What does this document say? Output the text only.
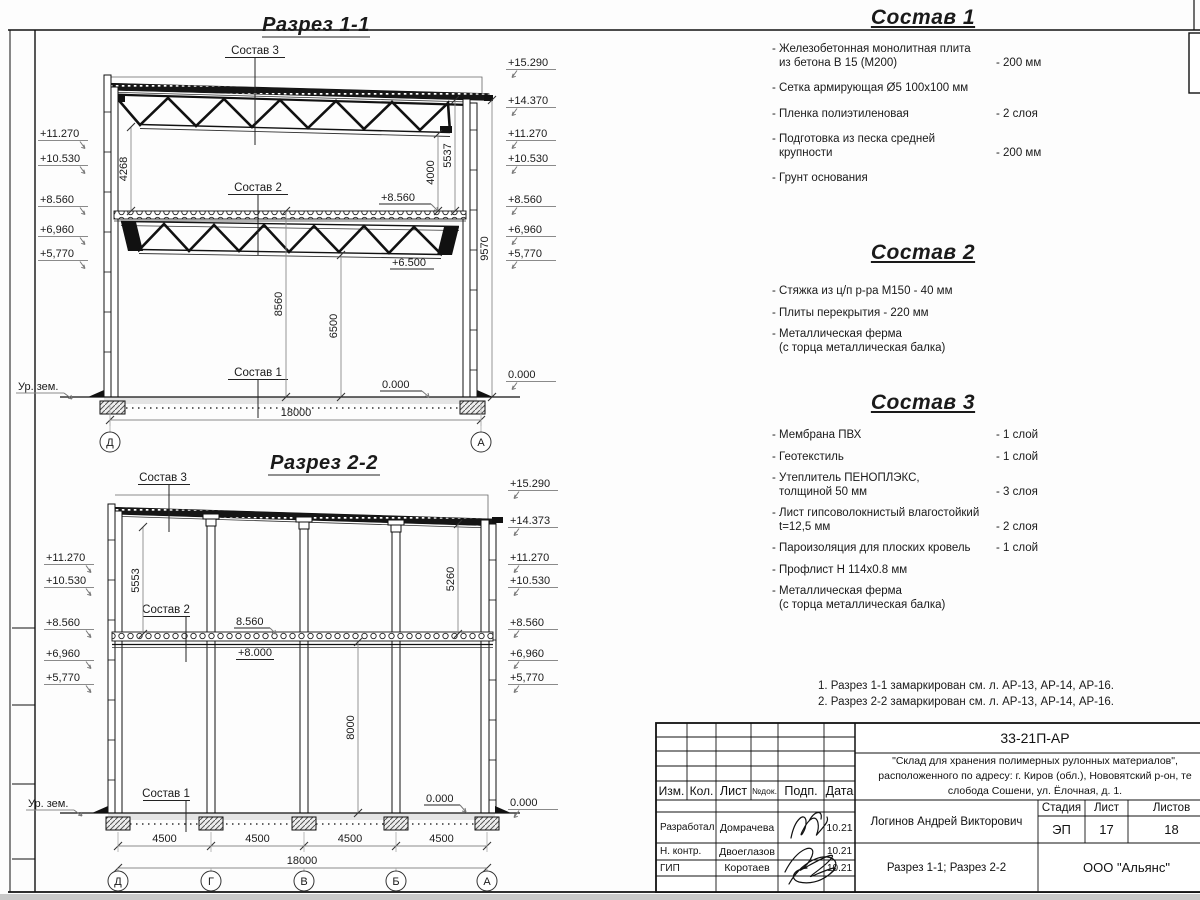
Разрез 1-1
+11.270
+10.530
+8.560
+6,960
+5,770
+15.290
+14.370
+11.270
+10.530
+8.560
+6,960
+5,770
0.000
Состав 3
Состав 2
Состав 1
+8.560
+6.500
0.000
Ур. зем.
4268	4000
5537
8560
6500
9570
18000
Д	А
Разрез 2-2
+11.270
+10.530
+8.560
+6,960
+5,770
+15.290
+14.373
+11.270
+10.530
+8.560
+6,960
+5,770
0.000
Состав 3
Состав 2
Состав 1
8.560
+8.000
0.000
Ур. зем.
5553	5260
8000
4500	4500	4500	4500
18000
Д	Г	В	Б	А
Состав 1
- Железобетонная монолитная плита
из бетона В 15 (М200)	- 200 мм
- Сетка армирующая Ø5 100х100 мм
- Пленка полиэтиленовая	- 2 слоя
- Подготовка из песка средней
крупности	- 200 мм
- Грунт основания
Состав 2
- Стяжка из ц/п р-ра М150 - 40 мм
- Плиты перекрытия - 220 мм
- Металлическая ферма
(с торца металлическая балка)
Состав 3
- Мембрана ПВХ	- 1 слой
- Геотекстиль	- 1 слой
- Утеплитель ПЕНОПЛЭКС,
толщиной 50 мм	- 3 слоя
- Лист гипсоволокнистый влагостойкий
t=12,5 мм	- 2 слоя
- Пароизоляция для плоских кровель	- 1 слой
- Профлист Н 114х0.8 мм
- Металлическая ферма
(с торца металлическая балка)
1. Разрез 1-1 замаркирован см. л. АР-13, АР-14, АР-16.
2. Разрез 2-2 замаркирован см. л. АР-13, АР-14, АР-16.
Изм. Кол. Лист №док. Подп. Дата
Разработал Домрачева	10.21
Н. контр.	Двоеглазов	10.21
ГИП	Коротаев	10.21
33-21П-АР
"Склад для хранения полимерных рулонных материалов",
расположенного по адресу: г. Киров (обл.), Нововятский р-он, те
слобода Сошени, ул. Ёлочная, д. 1.
Логинов Андрей Викторович
Стадия	Лист	Листов
ЭП	17	18
Разрез 1-1; Разрез 2-2	ООО "Альянс"
